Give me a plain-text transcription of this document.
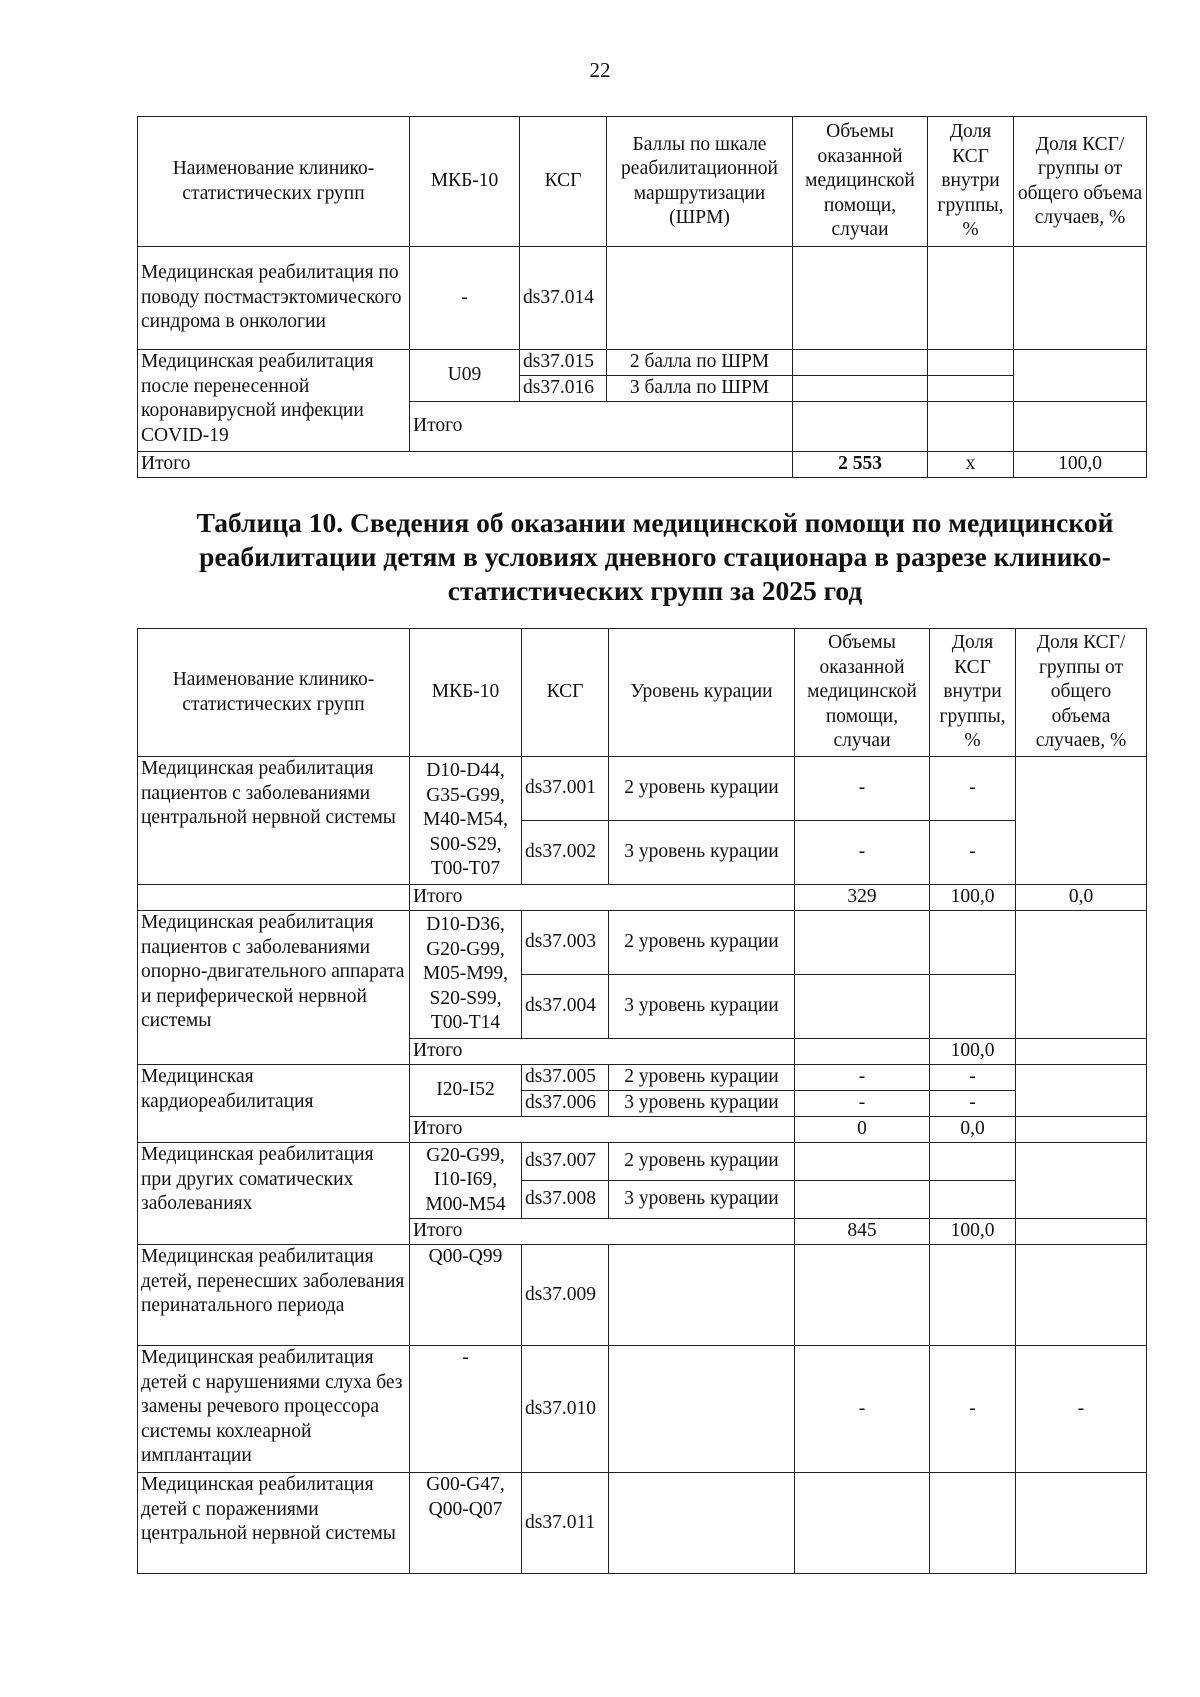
22
Наименование клинико-статистических групп	МКБ-10	КСГ	Баллы по шкале реабилитационной маршрутизации (ШРМ)	Объемы оказанной медицинской помощи, случаи	Доля КСГ внутри группы, %	Доля КСГ/ группы от общего объема случаев, %
Медицинская реабилитация по поводу постмастэктомического синдрома в онкологии	-	ds37.014				
Медицинская реабилитация после перенесенной коронавирусной инфекции COVID-19	U09	ds37.015	2 балла по ШРМ			
		ds37.016	3 балла по ШРМ			
	Итого					
Итого				2 553	x	100,0
Таблица 10. Сведения об оказании медицинской помощи по медицинской реабилитации детям в условиях дневного стационара в разрезе клинико-статистических групп за 2025 год
Наименование клинико-статистических групп	МКБ-10	КСГ	Уровень курации	Объемы оказанной медицинской помощи, случаи	Доля КСГ внутри группы, %	Доля КСГ/ группы от общего объема случаев, %
Медицинская реабилитация пациентов с заболеваниями центральной нервной системы	D10-D44, G35-G99, M40-M54, S00-S29, T00-T07	ds37.001	2 уровень курации	-	-	
		ds37.002	3 уровень курации	-	-	
	Итого			329	100,0	0,0
Медицинская реабилитация пациентов с заболеваниями опорно-двигательного аппарата и периферической нервной системы	D10-D36, G20-G99, M05-M99, S20-S99, T00-T14	ds37.003	2 уровень курации			
		ds37.004	3 уровень курации			
	Итого				100,0	
Медицинская кардиореабилитация	I20-I52	ds37.005	2 уровень курации	-	-	
		ds37.006	3 уровень курации	-	-	
	Итого			0	0,0	
Медицинская реабилитация при других соматических заболеваниях	G20-G99, I10-I69, M00-M54	ds37.007	2 уровень курации			
		ds37.008	3 уровень курации			
	Итого			845	100,0	
Медицинская реабилитация детей, перенесших заболевания перинатального периода	Q00-Q99	ds37.009				
Медицинская реабилитация детей с нарушениями слуха без замены речевого процессора системы кохлеарной имплантации	-	ds37.010		-	-	-
Медицинская реабилитация детей с поражениями центральной нервной системы	G00-G47, Q00-Q07	ds37.011				
